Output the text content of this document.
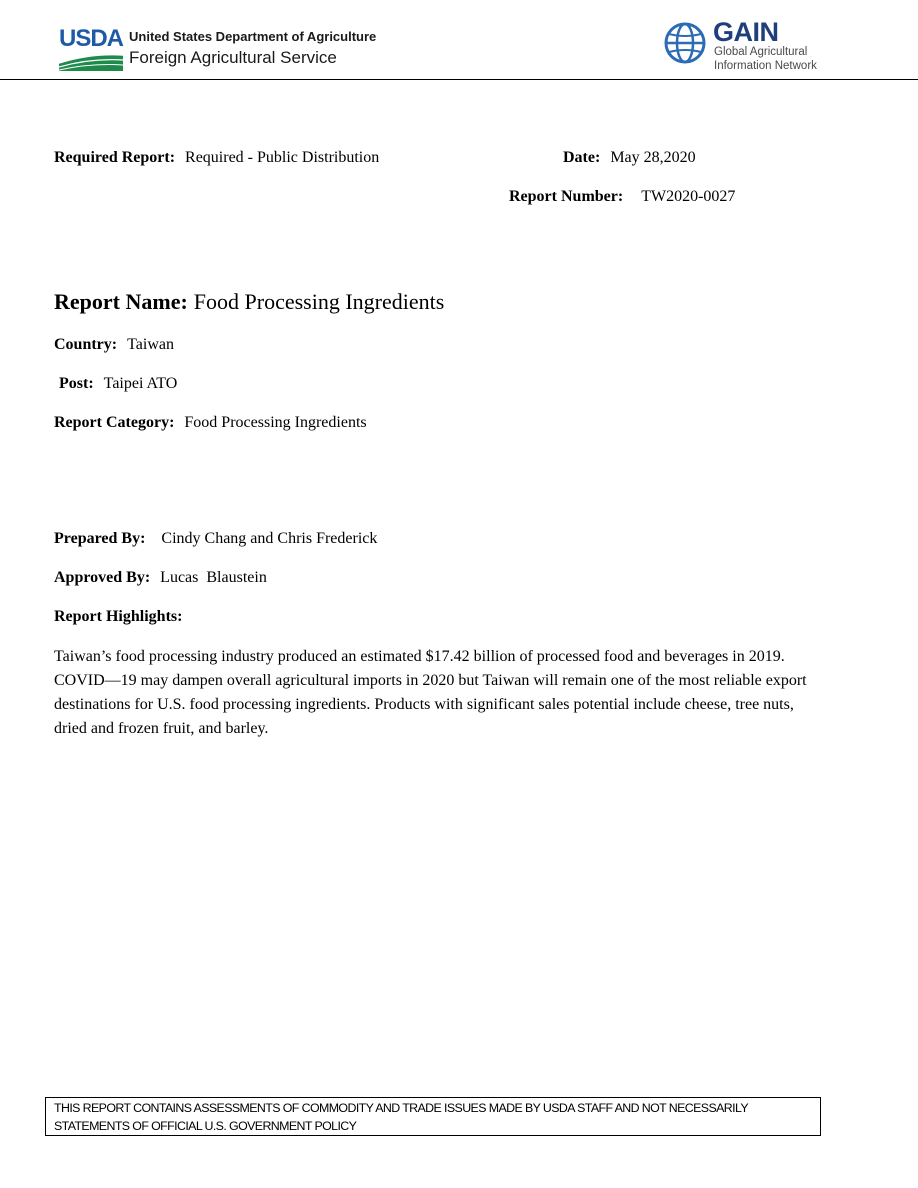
USDA United States Department of Agriculture
Foreign Agricultural Service
GAIN
Global Agricultural
Information Network
Required Report: Required - Public Distribution	Date: May 28,2020
Report Number: TW2020-0027
Report Name: Food Processing Ingredients
Country: Taiwan
Post: Taipei ATO
Report Category: Food Processing Ingredients
Prepared By: Cindy Chang and Chris Frederick
Approved By: Lucas  Blaustein
Report Highlights:
Taiwan’s food processing industry produced an estimated $17.42 billion of processed food and beverages in 2019. COVID—19 may dampen overall agricultural imports in 2020 but Taiwan will remain one of the most reliable export destinations for U.S. food processing ingredients. Products with significant sales potential include cheese, tree nuts, dried and frozen fruit, and barley.
THIS REPORT CONTAINS ASSESSMENTS OF COMMODITY AND TRADE ISSUES MADE BY USDA STAFF AND NOT NECESSARILY STATEMENTS OF OFFICIAL U.S. GOVERNMENT POLICY
